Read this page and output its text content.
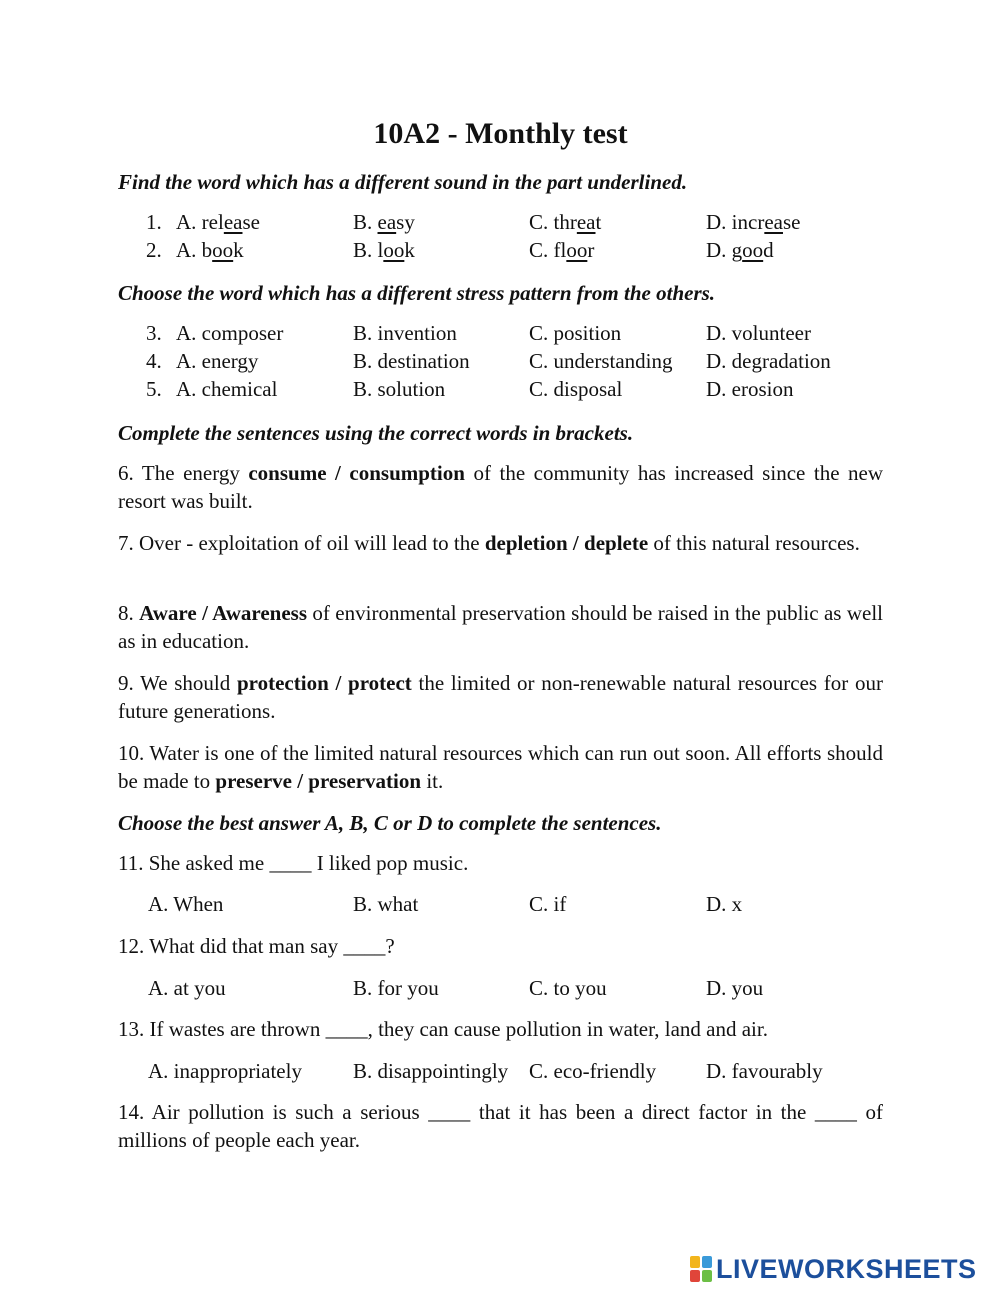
10A2 - Monthly test

Find the word which has a different sound in the part underlined.

1. A. release	B. easy	C. threat	D. increase
2. A. book	B. look	C. floor	D. good

Choose the word which has a different stress pattern from the others.

3. A. composer	B. invention	C. position	D. volunteer
4. A. energy	B. destination	C. understanding D. degradation
5. A. chemical	B. solution	C. disposal	D. erosion

Complete the sentences using the correct words in brackets.

6. The energy consume / consumption of the community has increased since the new resort was built.

7. Over - exploitation of oil will lead to the depletion / deplete of this natural resources.

8. Aware / Awareness of environmental preservation should be raised in the public as well as in education.

9. We should protection / protect the limited or non-renewable natural resources for our future generations.

10. Water is one of the limited natural resources which can run out soon. All efforts should be made to preserve / preservation it.

Choose the best answer A, B, C or D to complete the sentences.

11. She asked me ____ I liked pop music.

A. When	B. what	C. if	D. x

12. What did that man say ____?

A. at you	B. for you	C. to you	D. you

13. If wastes are thrown ____, they can cause pollution in water, land and air.

A. inappropriately B. disappointingly C. eco-friendly D. favourably

14. Air pollution is such a serious ____ that it has been a direct factor in the ____ of millions of people each year.

LIVEWORKSHEETS
